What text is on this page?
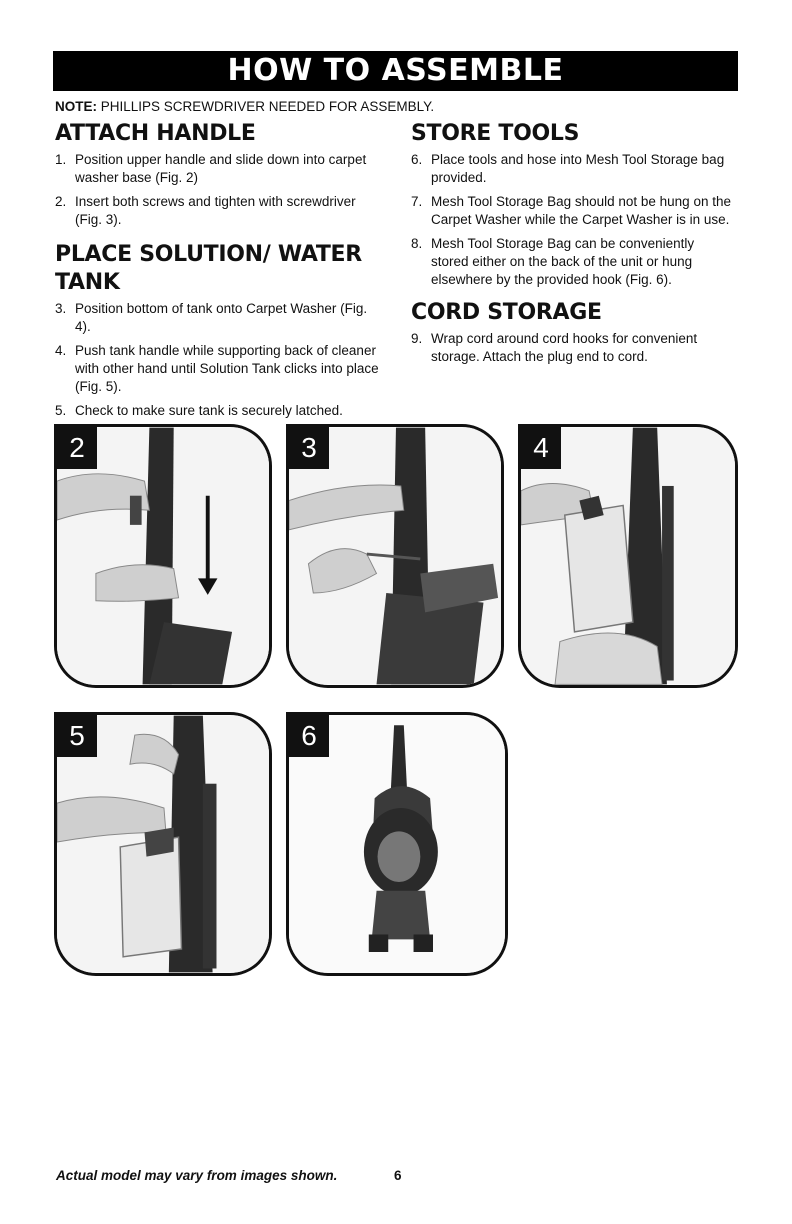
HOW TO ASSEMBLE
NOTE: PHILLIPS SCREWDRIVER NEEDED FOR ASSEMBLY.
ATTACH HANDLE
1. Position upper handle and slide down into carpet washer base (Fig. 2)
2. Insert both screws and tighten with screwdriver (Fig. 3).
PLACE SOLUTION/ WATER TANK
3. Position bottom of tank onto Carpet Washer (Fig. 4).
4. Push tank handle while supporting back of cleaner with other hand until Solution Tank clicks into place (Fig. 5).
5. Check to make sure tank is securely latched.
STORE TOOLS
6. Place tools and hose into Mesh Tool Storage bag provided.
7. Mesh Tool Storage Bag should not be hung on the Carpet Washer while the Carpet Washer is in use.
8. Mesh Tool Storage Bag can be conveniently stored either on the back of the unit or hung elsewhere by the provided hook (Fig. 6).
CORD STORAGE
9. Wrap cord around cord hooks for convenient storage. Attach the plug end to cord.
2	3	4
5	6
Actual model may vary from images shown.	6
